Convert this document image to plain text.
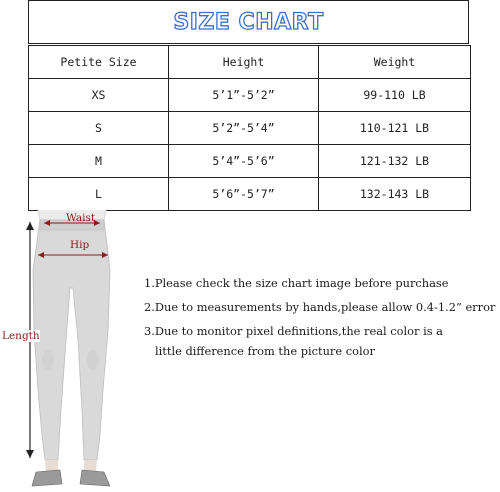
SIZE CHART
Petite Size	Height	Weight
XS	5’1”-5’2”	99-110 LB
S	5’2”-5’4”	110-121 LB
M	5’4”-5’6”	121-132 LB
L	5’6”-5’7”	132-143 LB
Waist
Hip
Length
1.Please check the size chart image before purchase
2.Due to measurements by hands,please allow 0.4-1.2” error
3.Due to monitor pixel definitions,the real color is a
little difference from the picture color
